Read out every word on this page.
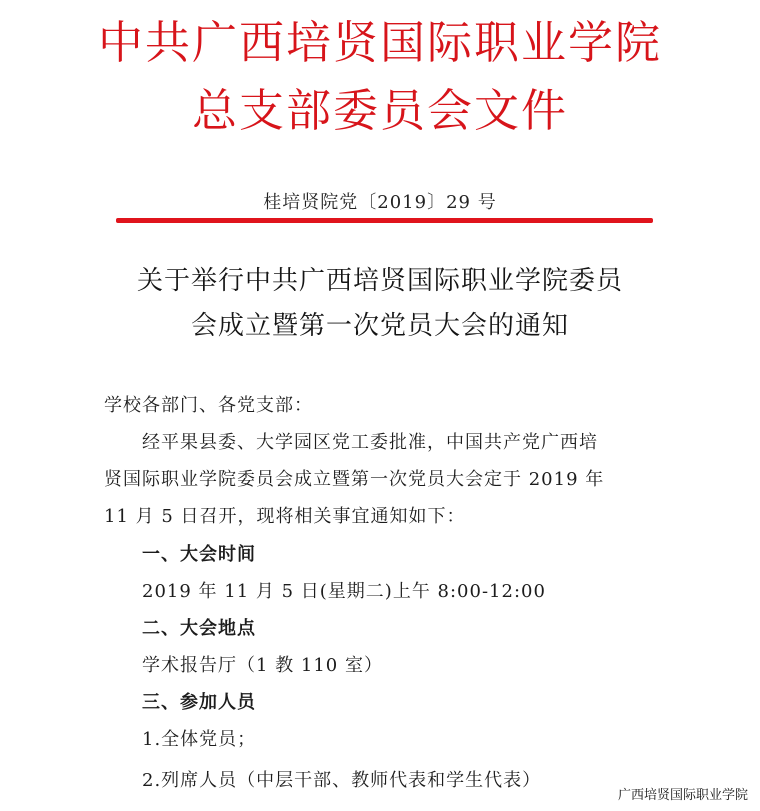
中共广西培贤国际职业学院
总支部委员会文件
桂培贤院党〔2019〕29 号
关于举行中共广西培贤国际职业学院委员
会成立暨第一次党员大会的通知
学校各部门、各党支部：
经平果县委、大学园区党工委批准，中国共产党广西培
贤国际职业学院委员会成立暨第一次党员大会定于 2019 年
11 月 5 日召开，现将相关事宜通知如下：
一、大会时间
2019 年 11 月 5 日(星期二)上午 8:00-12:00
二、大会地点
学术报告厅（1 教 110 室）
三、参加人员
1.全体党员；
2.列席人员（中层干部、教师代表和学生代表）
广西培贤国际职业学院
